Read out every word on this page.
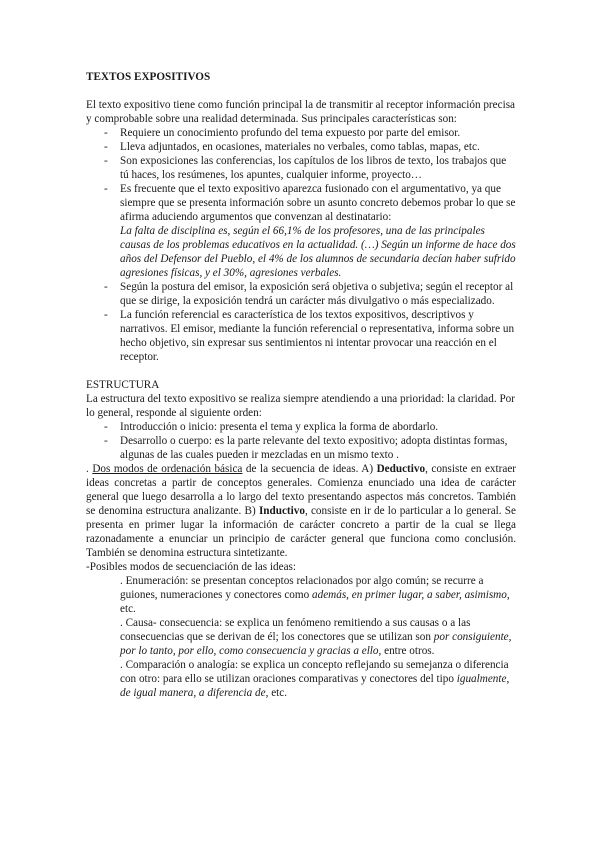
TEXTOS EXPOSITIVOS

El texto expositivo tiene como función principal la de transmitir al receptor información precisa y comprobable sobre una realidad determinada. Sus principales características son:

- Requiere un conocimiento profundo del tema expuesto por parte del emisor.
- Lleva adjuntados, en ocasiones, materiales no verbales, como tablas, mapas, etc.
- Son exposiciones las conferencias, los capítulos de los libros de texto, los trabajos que tú haces, los resúmenes, los apuntes, cualquier informe, proyecto…
- Es frecuente que el texto expositivo aparezca fusionado con el argumentativo, ya que siempre que se presenta información sobre un asunto concreto debemos probar lo que se afirma aduciendo argumentos que convenzan al destinatario:
La falta de disciplina es, según el 66,1% de los profesores, una de las principales causas de los problemas educativos en la actualidad. (…) Según un informe de hace dos años del Defensor del Pueblo, el 4% de los alumnos de secundaria decían haber sufrido agresiones físicas, y el 30%, agresiones verbales.
- Según la postura del emisor, la exposición será objetiva o subjetiva; según el receptor al que se dirige, la exposición tendrá un carácter más divulgativo o más especializado.
- La función referencial es característica de los textos expositivos, descriptivos y narrativos. El emisor, mediante la función referencial o representativa, informa sobre un hecho objetivo, sin expresar sus sentimientos ni intentar provocar una reacción en el receptor.

ESTRUCTURA

La estructura del texto expositivo se realiza siempre atendiendo a una prioridad: la claridad. Por lo general, responde al siguiente orden:

- Introducción o inicio: presenta el tema y explica la forma de abordarlo.
- Desarrollo o cuerpo: es la parte relevante del texto expositivo; adopta distintas formas, algunas de las cuales pueden ir mezcladas en un mismo texto .

. Dos modos de ordenación básica de la secuencia de ideas. A) Deductivo, consiste en extraer ideas concretas a partir de conceptos generales. Comienza enunciado una idea de carácter general que luego desarrolla a lo largo del texto presentando aspectos más concretos. También se denomina estructura analizante. B) Inductivo, consiste en ir de lo particular a lo general. Se presenta en primer lugar la información de carácter concreto a partir de la cual se llega razonadamente a enunciar un principio de carácter general que funciona como conclusión. También se denomina estructura sintetizante.

-Posibles modos de secuenciación de las ideas:

. Enumeración: se presentan conceptos relacionados por algo común; se recurre a guiones, numeraciones y conectores como además, en primer lugar, a saber, asimismo, etc.

. Causa- consecuencia: se explica un fenómeno remitiendo a sus causas o a las consecuencias que se derivan de él; los conectores que se utilizan son por consiguiente, por lo tanto, por ello, como consecuencia y gracias a ello, entre otros.

. Comparación o analogía: se explica un concepto reflejando su semejanza o diferencia con otro: para ello se utilizan oraciones comparativas y conectores del tipo igualmente, de igual manera, a diferencia de, etc.
